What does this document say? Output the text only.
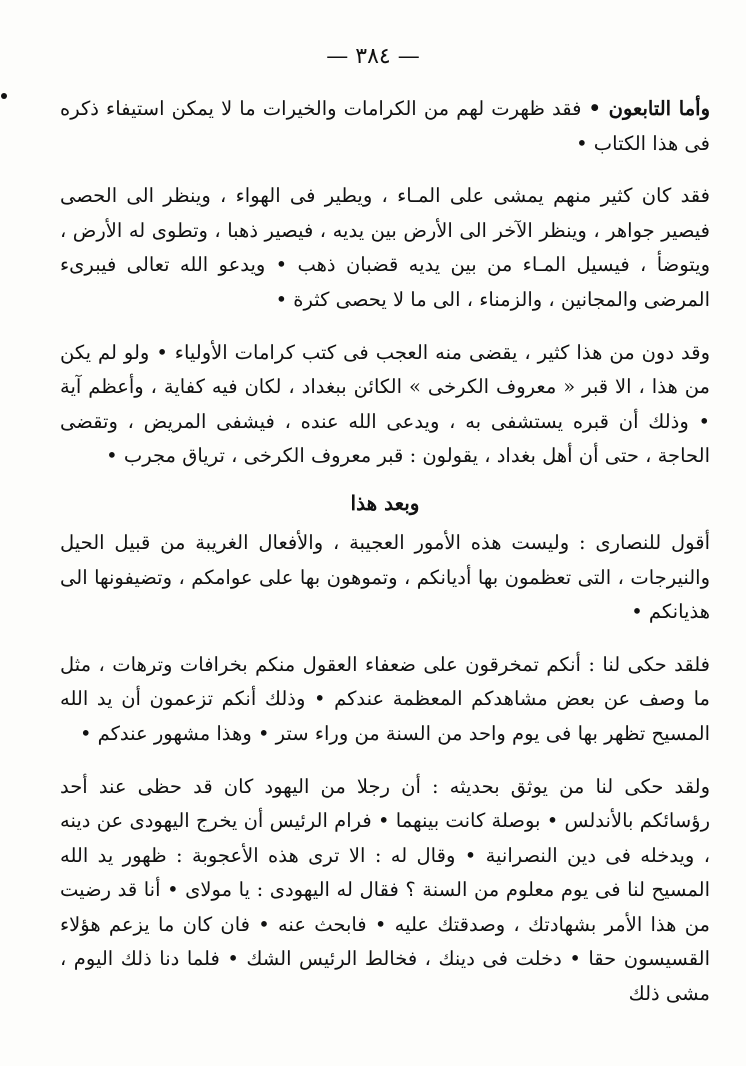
— ٣٨٤ —

وأما التابعون • فقد ظهرت لهم من الكرامات والخيرات ما لا يمكن استيفاء ذكره فى هذا الكتاب •

فقد كان كثير منهم يمشى على المـاء ، ويطير فى الهواء ، وينظر الى الحصى فيصير جواهر ، وينظر الآخر الى الأرض بين يديه ، فيصير ذهبا ، وتطوى له الأرض ، ويتوضأ ، فيسيل المـاء من بين يديه قضبان ذهب • ويدعو الله تعالى فيبرىء المرضى والمجانين ، والزمناء ، الى ما لا يحصى كثرة •

وقد دون من هذا كثير ، يقضى منه العجب فى كتب كرامات الأولياء • ولو لم يكن من هذا ، الا قبر « معروف الكرخى » الكائن ببغداد ، لكان فيه كفاية ، وأعظم آية • وذلك أن قبره يستشفى به ، ويدعى الله عنده ، فيشفى المريض ، وتقضى الحاجة ، حتى أن أهل بغداد ، يقولون : قبر معروف الكرخى ، ترياق مجرب •

وبعد هذا

أقول للنصارى : وليست هذه الأمور العجيبة ، والأفعال الغريبة من قبيل الحيل والنيرجات ، التى تعظمون بها أديانكم ، وتموهون بها على عوامكم ، وتضيفونها الى هذيانكم •

فلقد حكى لنا : أنكم تمخرقون على ضعفاء العقول منكم بخرافات وترهات ، مثل ما وصف عن بعض مشاهدكم المعظمة عندكم • وذلك أنكم تزعمون أن يد الله المسيح تظهر بها فى يوم واحد من السنة من وراء ستر • وهذا مشهور عندكم •

ولقد حكى لنا من يوثق بحديثه : أن رجلا من اليهود كان قد حظى عند أحد رؤسائكم بالأندلس • بوصلة كانت بينهما • فرام الرئيس أن يخرج اليهودى عن دينه ، ويدخله فى دين النصرانية • وقال له : الا ترى هذه الأعجوبة : ظهور يد الله المسيح لنا فى يوم معلوم من السنة ؟ فقال له اليهودى : يا مولاى • أنا قد رضيت من هذا الأمر بشهادتك ، وصدقتك عليه • فابحث عنه • فان كان ما يزعم هؤلاء القسيسون حقا • دخلت فى دينك ، فخالط الرئيس الشك • فلما دنا ذلك اليوم ، مشى ذلك
